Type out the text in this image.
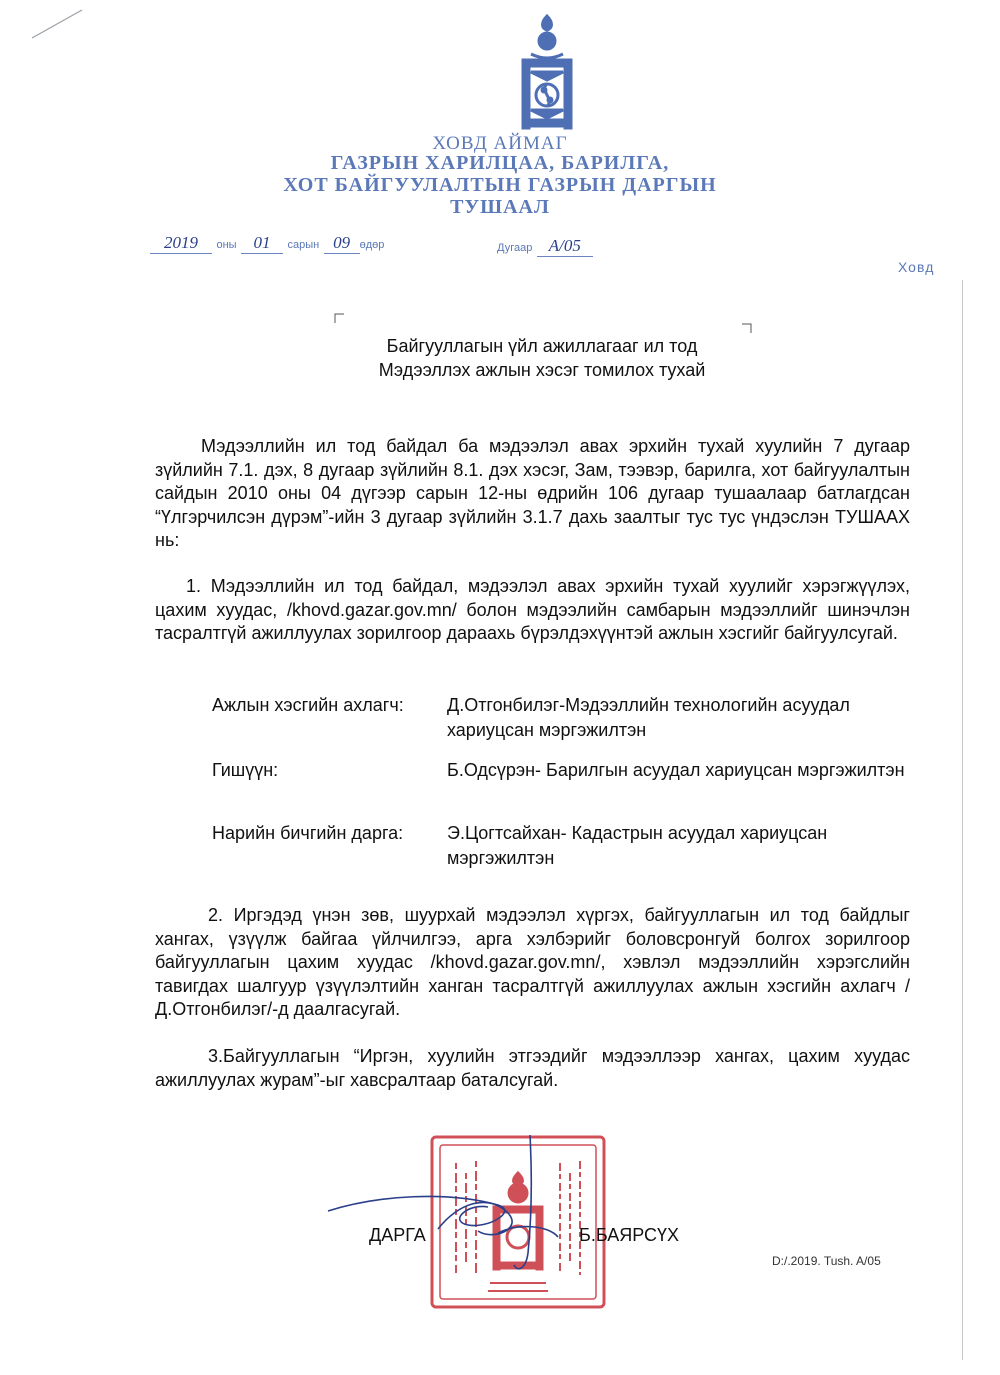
ХОВД АЙМАГ
ГАЗРЫН ХАРИЛЦАА, БАРИЛГА,
ХОТ БАЙГУУЛАЛТЫН ГАЗРЫН ДАРГЫН
ТУШААЛ
2019 оны 01 сарын 09 өдөр	Дугаар A/05
Ховд
Байгууллагын үйл ажиллагааг ил тод
Мэдээллэх ажлын хэсэг томилох тухай
Мэдээллийн ил тод байдал ба мэдээлэл авах эрхийн тухай хуулийн 7 дугаар зүйлийн 7.1. дэх, 8 дугаар зүйлийн 8.1. дэх хэсэг, Зам, тээвэр, барилга, хот байгуулалтын сайдын 2010 оны 04 дүгээр сарын 12-ны өдрийн 106 дугаар тушаалаар батлагдсан “Үлгэрчилсэн дүрэм”-ийн 3 дугаар зүйлийн 3.1.7 дахь заалтыг тус тус үндэслэн ТУШААХ нь:
1. Мэдээллийн ил тод байдал, мэдээлэл авах эрхийн тухай хуулийг хэрэгжүүлэх, цахим хуудас, /khovd.gazar.gov.mn/ болон мэдээлийн самбарын мэдээллийг шинэчлэн тасралтгүй ажиллуулах зорилгоор дараахь бүрэлдэхүүнтэй ажлын хэсгийг байгуулсугай.
Ажлын хэсгийн ахлагч: Д.Отгонбилэг-Мэдээллийн технологийн асуудал хариуцсан мэргэжилтэн
Гишүүн:	Б.Одсүрэн- Барилгын асуудал хариуцсан мэргэжилтэн
Нарийн бичгийн дарга: Э.Цогтсайхан- Кадастрын асуудал хариуцсан мэргэжилтэн
2. Иргэдэд үнэн зөв, шуурхай мэдээлэл хүргэх, байгууллагын ил тод байдлыг хангах, үзүүлж байгаа үйлчилгээ, арга хэлбэрийг боловсронгуй болгох зорилгоор байгууллагын цахим хуудас /khovd.gazar.gov.mn/, хэвлэл мэдээллийн хэрэгслийн тавигдах шалгуур үзүүлэлтийн ханган тасралтгүй ажиллуулах ажлын хэсгийн ахлагч /Д.Отгонбилэг/-д даалгасугай.
3.Байгууллагын “Иргэн, хуулийн этгээдийг мэдээллээр хангах, цахим хуудас ажиллуулах журам”-ыг хавсралтаар баталсугай.
ДАРГА	Б.БАЯРСҮХ
D:/.2019. Tush. A/05
